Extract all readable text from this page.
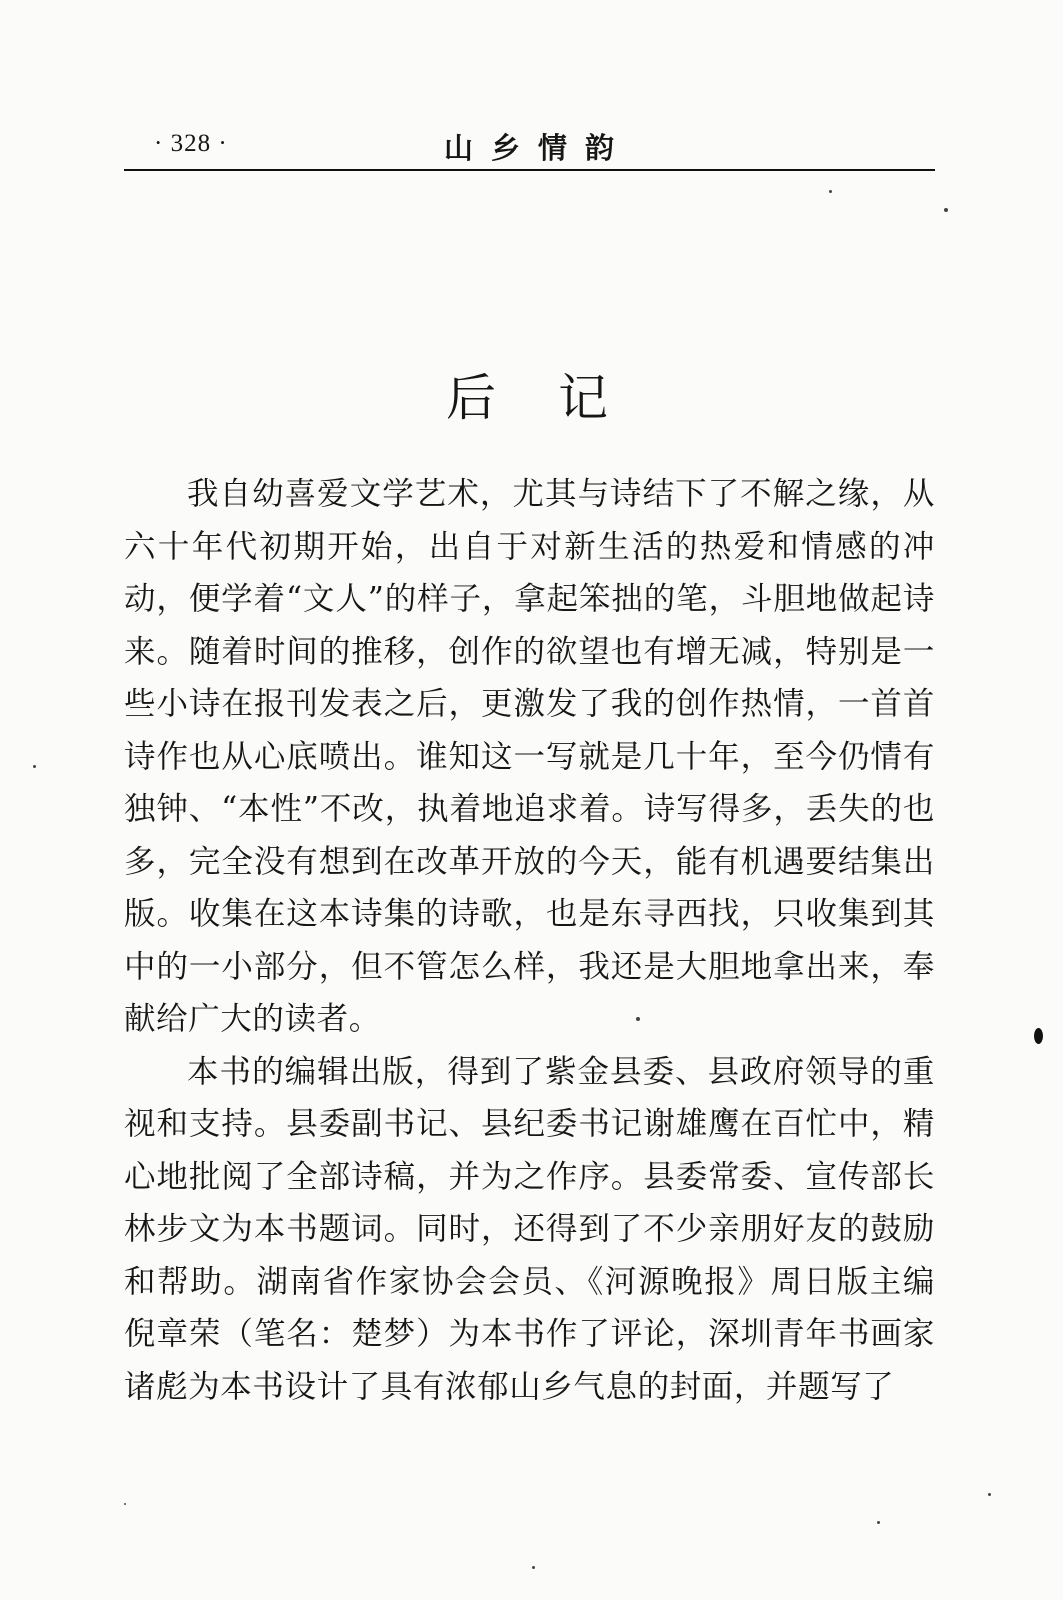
· 328 ·	山乡情韵
后记

我自幼喜爱文学艺术，尤其与诗结下了不解之缘，从六十年代初期开始，出自于对新生活的热爱和情感的冲动，便学着“文人”的样子，拿起笨拙的笔，斗胆地做起诗来。随着时间的推移，创作的欲望也有增无减，特别是一些小诗在报刊发表之后，更激发了我的创作热情，一首首诗作也从心底喷出。谁知这一写就是几十年，至今仍情有独钟、“本性”不改，执着地追求着。诗写得多，丢失的也多，完全没有想到在改革开放的今天，能有机遇要结集出版。收集在这本诗集的诗歌，也是东寻西找，只收集到其中的一小部分，但不管怎么样，我还是大胆地拿出来，奉献给广大的读者。

本书的编辑出版，得到了紫金县委、县政府领导的重视和支持。县委副书记、县纪委书记谢雄鹰在百忙中，精心地批阅了全部诗稿，并为之作序。县委常委、宣传部长林步文为本书题词。同时，还得到了不少亲朋好友的鼓励和帮助。湖南省作家协会会员、《河源晚报》周日版主编倪章荣（笔名：楚梦）为本书作了评论，深圳青年书画家诸彪为本书设计了具有浓郁山乡气息的封面，并题写了
